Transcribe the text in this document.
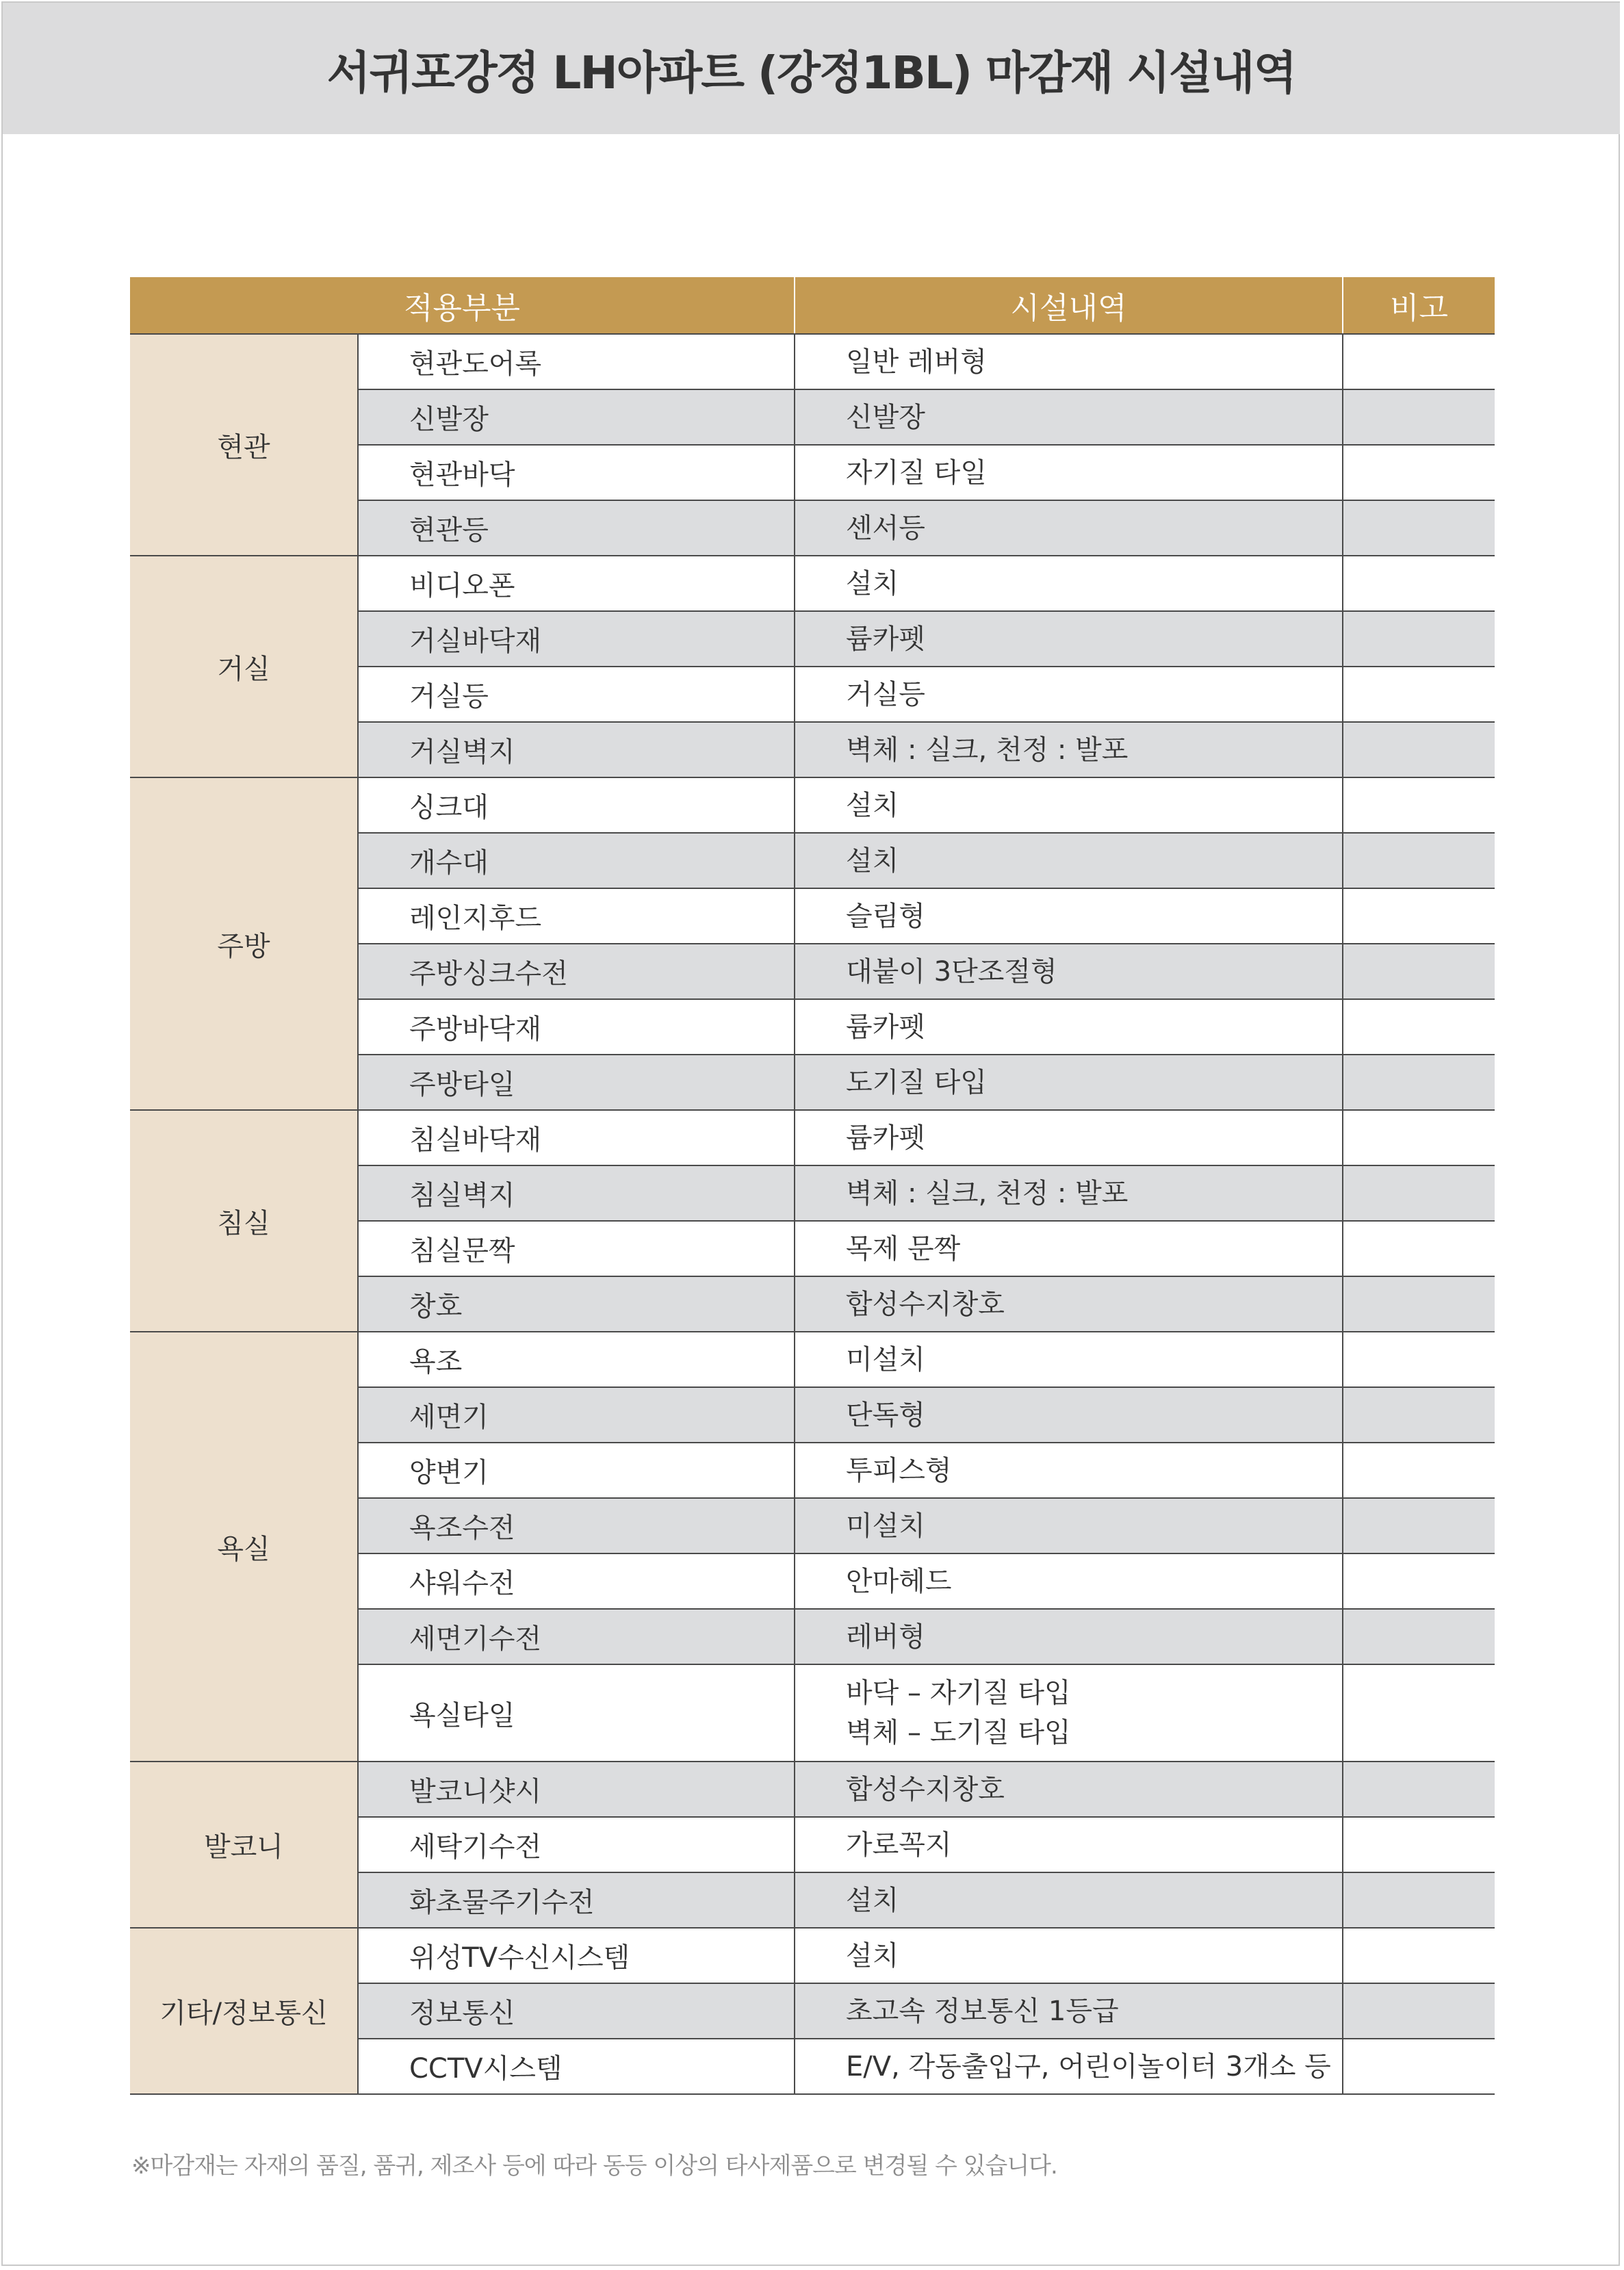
서귀포강정 LH아파트 (강정1BL) 마감재 시설내역
적용부분		시설내역	비고
현관	현관도어록	일반 레버형	
	신발장	신발장	
	현관바닥	자기질 타일	
	현관등	센서등	
거실	비디오폰	설치	
	거실바닥재	륨카펫	
	거실등	거실등	
	거실벽지	벽체 : 실크, 천정 : 발포	
주방	싱크대	설치	
	개수대	설치	
	레인지후드	슬림형	
	주방싱크수전	대붙이 3단조절형	
	주방바닥재	륨카펫	
	주방타일	도기질 타입	
침실	침실바닥재	륨카펫	
	침실벽지	벽체 : 실크, 천정 : 발포	
	침실문짝	목제 문짝	
	창호	합성수지창호	
욕실	욕조	미설치	
	세면기	단독형	
	양변기	투피스형	
	욕조수전	미설치	
	샤워수전	안마헤드	
	세면기수전	레버형	
	욕실타일	바닥 – 자기질 타입
벽체 – 도기질 타입	

발코니	발코니샷시	합성수지창호	
	세탁기수전	가로꼭지	
	화초물주기수전	설치	
기타/정보통신	위성TV수신시스템	설치	
	정보통신	초고속 정보통신 1등급	
	CCTV시스템	E/V, 각동출입구, 어린이놀이터 3개소 등	
※마감재는 자재의 품질, 품귀, 제조사 등에 따라 동등 이상의 타사제품으로 변경될 수 있습니다.
